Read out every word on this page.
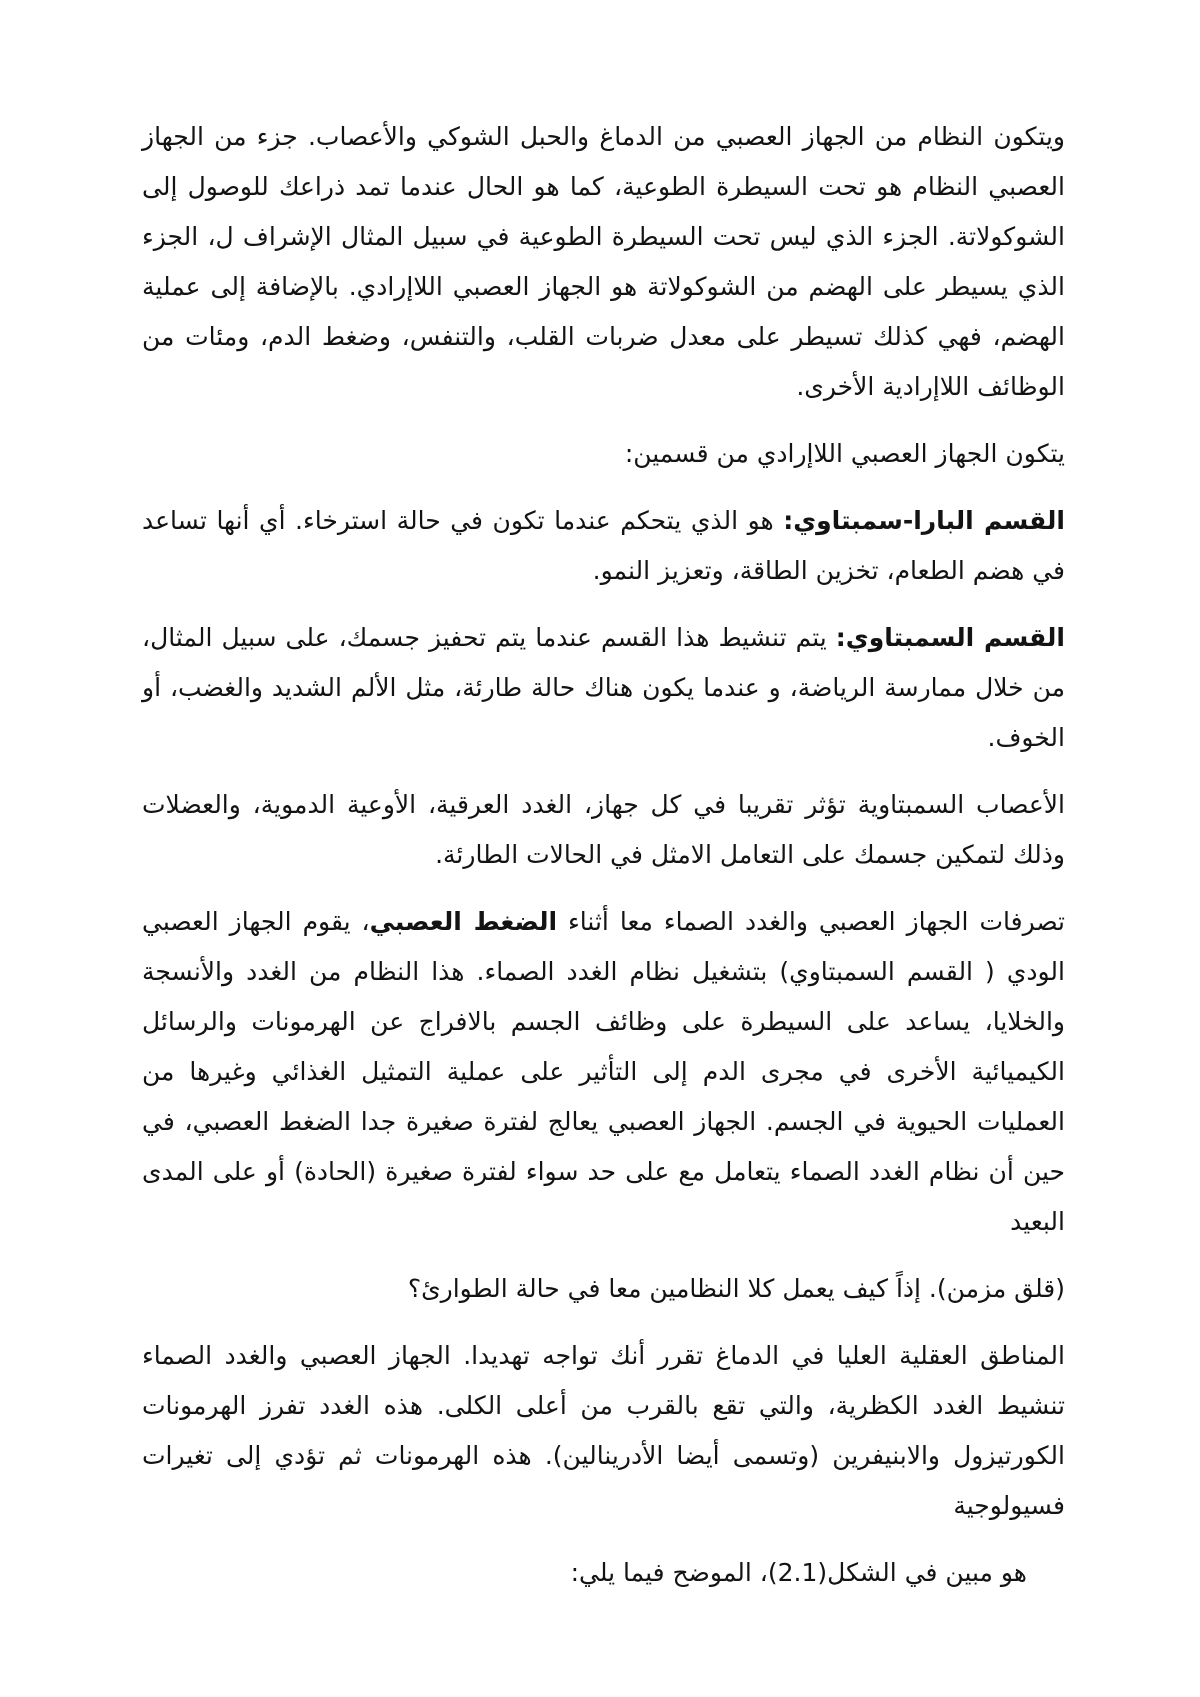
ويتكون النظام من الجهاز العصبي من الدماغ والحبل الشوكي والأعصاب. جزء من الجهاز العصبي النظام هو تحت السيطرة الطوعية، كما هو الحال عندما تمد ذراعك للوصول إلى الشوكولاتة. الجزء الذي ليس تحت السيطرة الطوعية في سبيل المثال الإشراف ل، الجزء الذي يسيطر على الهضم من الشوكولاتة هو الجهاز العصبي اللاإرادي. بالإضافة إلى عملية الهضم، فهي كذلك تسيطر على معدل ضربات القلب، والتنفس، وضغط الدم، ومئات من الوظائف اللاإرادية الأخرى.

يتكون الجهاز العصبي اللاإرادي من قسمين:

القسم البارا-سمبتاوي: هو الذي يتحكم عندما تكون في حالة استرخاء. أي أنها تساعد في هضم الطعام، تخزين الطاقة، وتعزيز النمو.

القسم السمبتاوي: يتم تنشيط هذا القسم عندما يتم تحفيز جسمك، على سبيل المثال، من خلال ممارسة الرياضة، و عندما يكون هناك حالة طارئة، مثل الألم الشديد والغضب، أو الخوف.

الأعصاب السمبتاوية تؤثر تقريبا في كل جهاز، الغدد العرقية، الأوعية الدموية، والعضلات وذلك لتمكين جسمك على التعامل الامثل في الحالات الطارئة.

تصرفات الجهاز العصبي والغدد الصماء معا أثناء الضغط العصبي، يقوم الجهاز العصبي الودي ( القسم السمبتاوي) بتشغيل نظام الغدد الصماء. هذا النظام من الغدد والأنسجة والخلايا، يساعد على السيطرة على وظائف الجسم بالافراج عن الهرمونات والرسائل الكيميائية الأخرى في مجرى الدم إلى التأثير على عملية التمثيل الغذائي وغيرها من العمليات الحيوية في الجسم. الجهاز العصبي يعالج لفترة صغيرة جدا الضغط العصبي، في حين أن نظام الغدد الصماء يتعامل مع على حد سواء لفترة صغيرة (الحادة) أو على المدى البعيد

(قلق مزمن). إذاً كيف يعمل كلا النظامين معا في حالة الطوارئ؟

المناطق العقلية العليا في الدماغ تقرر أنك تواجه تهديدا. الجهاز العصبي والغدد الصماء تنشيط الغدد الكظرية، والتي تقع بالقرب من أعلى الكلى. هذه الغدد تفرز الهرمونات الكورتيزول والابنيفرين (وتسمى أيضا الأدرينالين). هذه الهرمونات ثم تؤدي إلى تغيرات فسيولوجية

هو مبين في الشكل(2.1)، الموضح فيما يلي:
